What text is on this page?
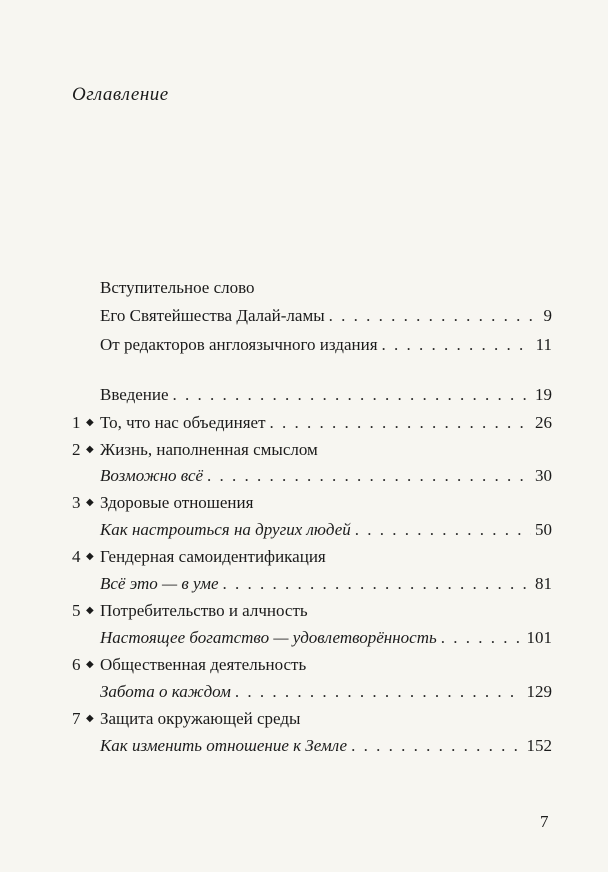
Оглавление
Вступительное слово
Его Святейшества Далай-ламы . . .	9
От редакторов англоязычного издания . . .	11
Введение . . .	19
1 ◆ То, что нас объединяет . . .	26
2 ◆ Жизнь, наполненная смыслом
Возможно всё . . .	30
3 ◆ Здоровые отношения
Как настроиться на других людей . . .	50
4 ◆ Гендерная самоидентификация
Всё это — в уме . . .	81
5 ◆ Потребительство и алчность
Настоящее богатство — удовлетворённость . . .	101
6 ◆ Общественная деятельность
Забота о каждом . . .	129
7 ◆ Защита окружающей среды
Как изменить отношение к Земле . . .	152
7
